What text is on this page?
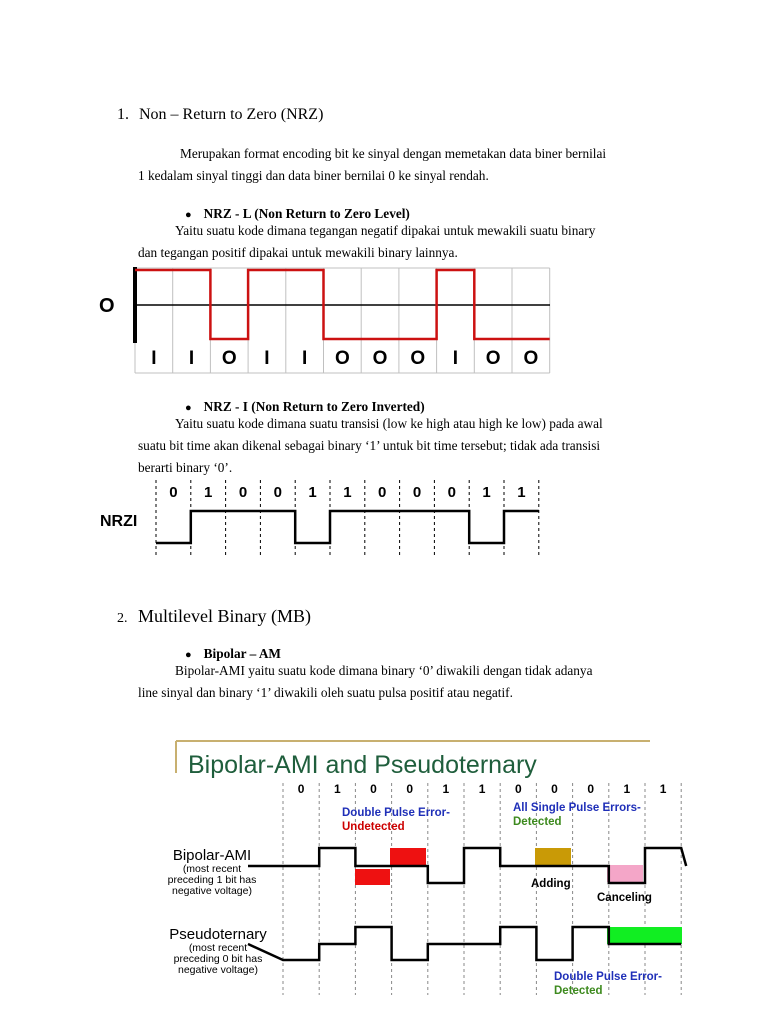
1. Non – Return to Zero (NRZ)
Merupakan format encoding bit ke sinyal dengan memetakan data biner bernilai
1 kedalam sinyal tinggi dan data biner bernilai 0 ke sinyal rendah.
● NRZ - L (Non Return to Zero Level)
Yaitu suatu kode dimana tegangan negatif dipakai untuk mewakili suatu binary
dan tegangan positif dipakai untuk mewakili binary lainnya.
O
I I O I I O O O I O O
● NRZ - I (Non Return to Zero Inverted)
Yaitu suatu kode dimana suatu transisi (low ke high atau high ke low) pada awal
suatu bit time akan dikenal sebagai binary ‘1’ untuk bit time tersebut; tidak ada transisi
berarti binary ‘0’.
NRZI
0 1 0 0 1 1 0 0 0 1 1
2. Multilevel Binary (MB)
● Bipolar – AM
Bipolar-AMI yaitu suatu kode dimana binary ‘0’ diwakili dengan tidak adanya
line sinyal dan binary ‘1’ diwakili oleh suatu pulsa positif atau negatif.
Bipolar-AMI and Pseudoternary
0 1 0 0 1 1 0 0 0 1 1
Double Pulse Error-
Undetected
All Single Pulse Errors-
Detected
Bipolar-AMI
(most recent
preceding 1 bit has
negative voltage)
Pseudoternary
(most recent
preceding 0 bit has
negative voltage)
Adding
Canceling
Double Pulse Error-
Detected
